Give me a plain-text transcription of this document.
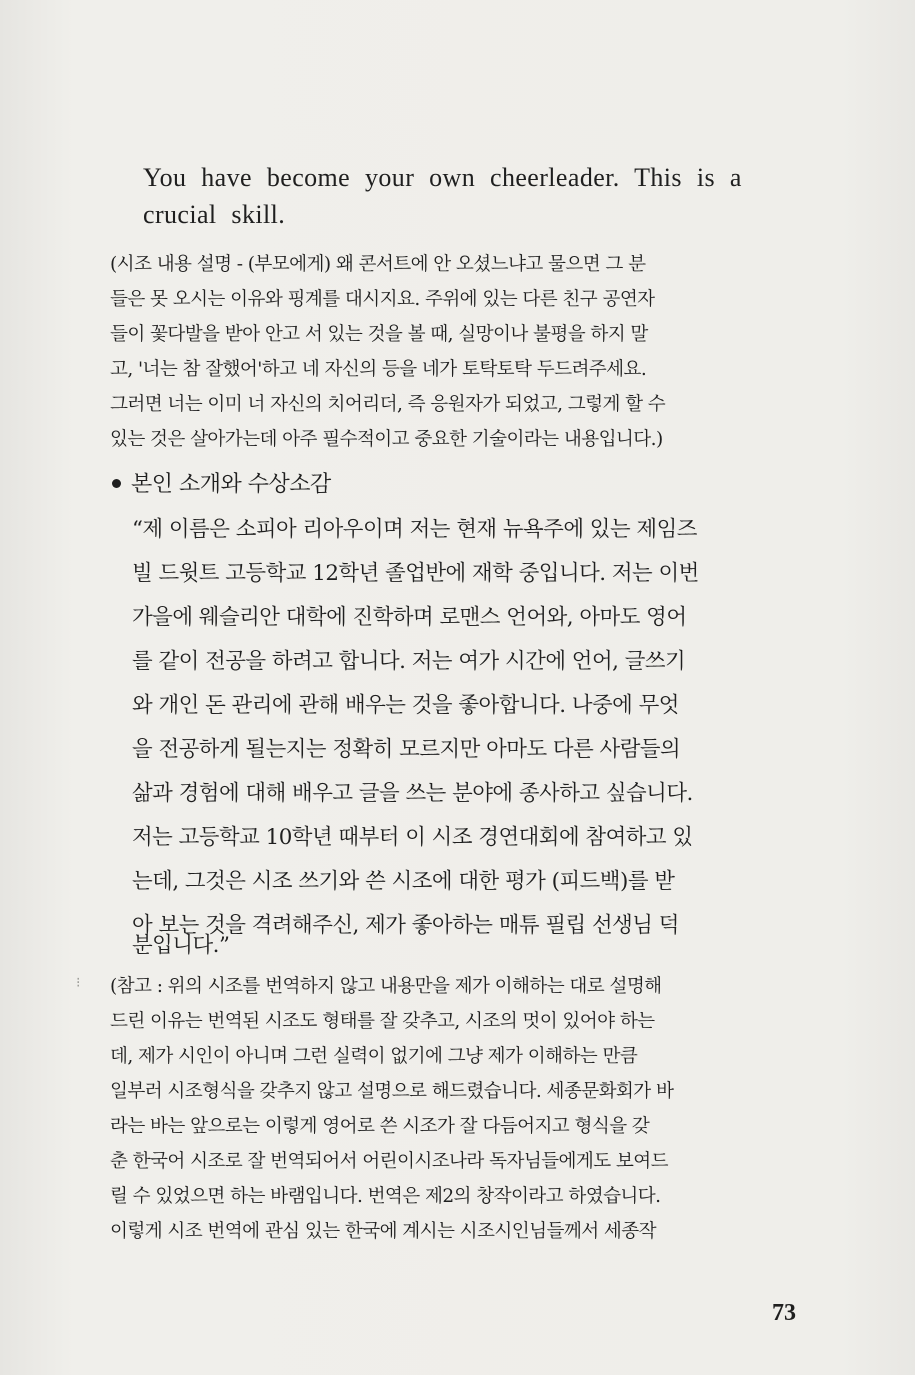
You have become your own cheerleader. This is a
crucial skill.
(시조 내용 설명 - (부모에게) 왜 콘서트에 안 오셨느냐고 물으면 그 분
들은 못 오시는 이유와 핑계를 대시지요. 주위에 있는 다른 친구 공연자
들이 꽃다발을 받아 안고 서 있는 것을 볼 때, 실망이나 불평을 하지 말
고, '너는 참 잘했어'하고 네 자신의 등을 네가 토탁토탁 두드려주세요.
그러면 너는 이미 너 자신의 치어리더, 즉 응원자가 되었고, 그렇게 할 수
있는 것은 살아가는데 아주 필수적이고 중요한 기술이라는 내용입니다.)
본인 소개와 수상소감
“제 이름은 소피아 리아우이며 저는 현재 뉴욕주에 있는 제임즈
빌 드윗트 고등학교 12학년 졸업반에 재학 중입니다. 저는 이번
가을에 웨슬리안 대학에 진학하며 로맨스 언어와, 아마도 영어
를 같이 전공을 하려고 합니다. 저는 여가 시간에 언어, 글쓰기
와 개인 돈 관리에 관해 배우는 것을 좋아합니다. 나중에 무엇
을 전공하게 될는지는 정확히 모르지만 아마도 다른 사람들의
삶과 경험에 대해 배우고 글을 쓰는 분야에 종사하고 싶습니다.
저는 고등학교 10학년 때부터 이 시조 경연대회에 참여하고 있
는데, 그것은 시조 쓰기와 쓴 시조에 대한 평가 (피드백)를 받
아 보는 것을 격려해주신, 제가 좋아하는 매튜 필립 선생님 덕
분입니다.”
⁝ (참고 : 위의 시조를 번역하지 않고 내용만을 제가 이해하는 대로 설명해
드린 이유는 번역된 시조도 형태를 잘 갖추고, 시조의 멋이 있어야 하는
데, 제가 시인이 아니며 그런 실력이 없기에 그냥 제가 이해하는 만큼
일부러 시조형식을 갖추지 않고 설명으로 해드렸습니다. 세종문화회가 바
라는 바는 앞으로는 이렇게 영어로 쓴 시조가 잘 다듬어지고 형식을 갖
춘 한국어 시조로 잘 번역되어서 어린이시조나라 독자님들에게도 보여드
릴 수 있었으면 하는 바램입니다. 번역은 제2의 창작이라고 하였습니다.
이렇게 시조 번역에 관심 있는 한국에 계시는 시조시인님들께서 세종작
73
